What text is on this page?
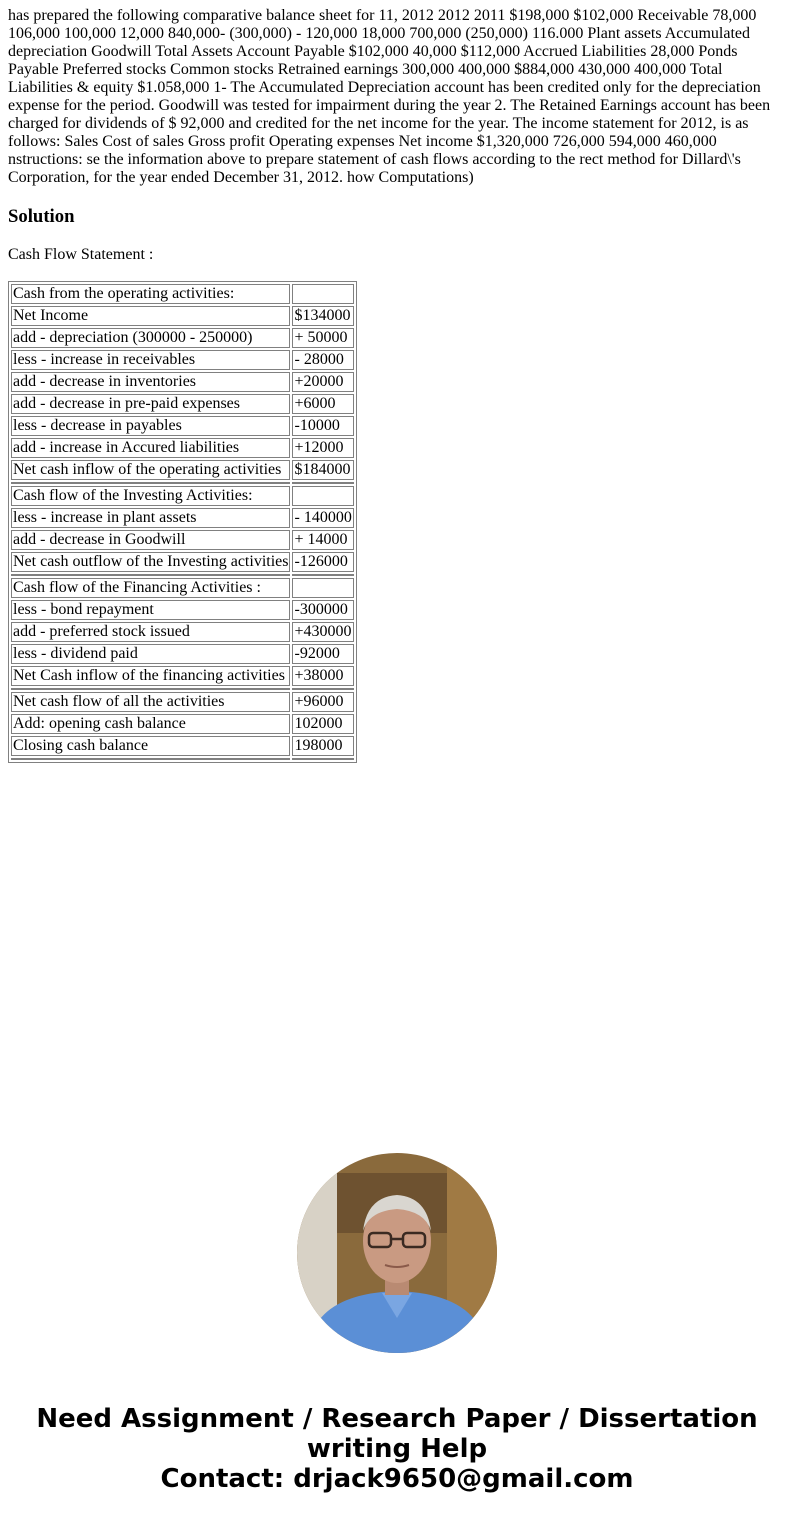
has prepared the following comparative balance sheet for 11, 2012 2012 2011 $198,000 $102,000 Receivable 78,000 106,000 100,000 12,000 840,000- (300,000) - 120,000 18,000 700,000 (250,000) 116.000 Plant assets Accumulated depreciation Goodwill Total Assets Account Payable $102,000 40,000 $112,000 Accrued Liabilities 28,000 Ponds Payable Preferred stocks Common stocks Retrained earnings 300,000 400,000 $884,000 430,000 400,000 Total Liabilities & equity $1.058,000 1- The Accumulated Depreciation account has been credited only for the depreciation expense for the period. Goodwill was tested for impairment during the year 2. The Retained Earnings account has been charged for dividends of $ 92,000 and credited for the net income for the year. The income statement for 2012, is as follows: Sales Cost of sales Gross profit Operating expenses Net income $1,320,000 726,000 594,000 460,000 nstructions: se the information above to prepare statement of cash flows according to the rect method for Dillard\'s Corporation, for the year ended December 31, 2012. how Computations)

Solution

Cash Flow Statement :

Cash from the operating activities:	
Net Income	$134000
add - depreciation (300000 - 250000)	+ 50000
less - increase in receivables	- 28000
add - decrease in inventories	+20000
add - decrease in pre-paid expenses	+6000
less - decrease in payables	-10000
add - increase in Accured liabilities	+12000
Net cash inflow of the operating activities	$184000

Cash flow of the Investing Activities:	
less - increase in plant assets	- 140000
add - decrease in Goodwill	+ 14000
Net cash outflow of the Investing activities	-126000

Cash flow of the Financing Activities :	
less - bond repayment	-300000
add - preferred stock issued	+430000
less - dividend paid	-92000
Net Cash inflow of the financing activities	+38000

Net cash flow of all the activities	+96000
Add: opening cash balance	102000
Closing cash balance	198000

Need Assignment / Research Paper / Dissertation
writing Help
Contact: drjack9650@gmail.com
